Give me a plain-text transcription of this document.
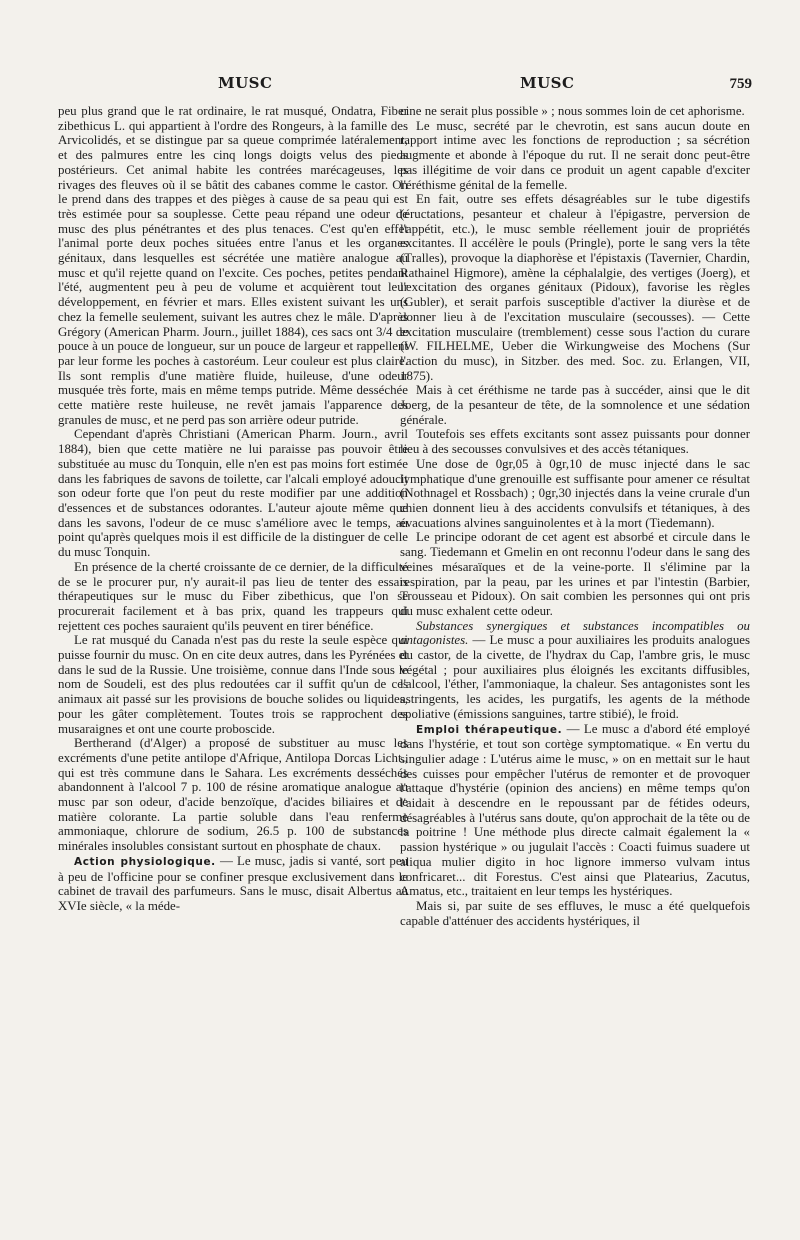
MUSC	MUSC	759

peu plus grand que le rat ordinaire, le rat musqué, Ondatra, Fiber zibethicus L. qui appartient à l'ordre des Rongeurs, à la famille des Arvicolidés, et se distingue par sa queue comprimée latéralement, et des palmures entre les cinq longs doigts velus des pieds postérieurs. Cet animal habite les contrées marécageuses, les rivages des fleuves où il se bâtit des cabanes comme le castor. On le prend dans des trappes et des pièges à cause de sa peau qui est très estimée pour sa souplesse. Cette peau répand une odeur de musc des plus pénétrantes et des plus tenaces. C'est qu'en effet l'animal porte deux poches situées entre l'anus et les organes génitaux, dans lesquelles est sécrétée une matière analogue au musc et qu'il rejette quand on l'excite. Ces poches, petites pendant l'été, augmentent peu à peu de volume et acquièrent tout leur développement, en février et mars. Elles existent suivant les uns chez la femelle seulement, suivant les autres chez le mâle. D'après Grégory (American Pharm. Journ., juillet 1884), ces sacs ont 3/4 de pouce à un pouce de longueur, sur un pouce de largeur et rappellent par leur forme les poches à castoréum. Leur couleur est plus claire. Ils sont remplis d'une matière fluide, huileuse, d'une odeur musquée très forte, mais en même temps putride. Même desséchée cette matière reste huileuse, ne revêt jamais l'apparence des granules de musc, et ne perd pas son arrière odeur putride.

Cependant d'après Christiani (American Pharm. Journ., avril 1884), bien que cette matière ne lui paraisse pas pouvoir être substituée au musc du Tonquin, elle n'en est pas moins fort estimée dans les fabriques de savons de toilette, car l'alcali employé adoucit son odeur forte que l'on peut du reste modifier par une addition d'essences et de substances odorantes. L'auteur ajoute même que dans les savons, l'odeur de ce musc s'améliore avec le temps, au point qu'après quelques mois il est difficile de la distinguer de celle du musc Tonquin.

En présence de la cherté croissante de ce dernier, de la difficulté de se le procurer pur, n'y aurait-il pas lieu de tenter des essais thérapeutiques sur le musc du Fiber zibethicus, que l'on se procurerait facilement et à bas prix, quand les trappeurs qui rejettent ces poches sauraient qu'ils peuvent en tirer bénéfice.

Le rat musqué du Canada n'est pas du reste la seule espèce qui puisse fournir du musc. On en cite deux autres, dans les Pyrénées et dans le sud de la Russie. Une troisième, connue dans l'Inde sous le nom de Soudeli, est des plus redoutées car il suffit qu'un de ces animaux ait passé sur les provisions de bouche solides ou liquides, pour les gâter complètement. Toutes trois se rapprochent des musaraignes et ont une courte proboscide.

Bertherand (d'Alger) a proposé de substituer au musc les excréments d'une petite antilope d'Afrique, Antilopa Dorcas Licht., qui est très commune dans le Sahara. Les excréments desséchés abandonnent à l'alcool 7 p. 100 de résine aromatique analogue au musc par son odeur, d'acide benzoïque, d'acides biliaires et de matière colorante. La partie soluble dans l'eau renferme ammoniaque, chlorure de sodium, 26.5 p. 100 de substances minérales insolubles consistant surtout en phosphate de chaux.

Action physiologique. — Le musc, jadis si vanté, sort peu à peu de l'officine pour se confiner presque exclusivement dans le cabinet de travail des parfumeurs. Sans le musc, disait Albertus au XVIe siècle, « la méde-

cine ne serait plus possible » ; nous sommes loin de cet aphorisme.

Le musc, secrété par le chevrotin, est sans aucun doute en rapport intime avec les fonctions de reproduction ; sa sécrétion augmente et abonde à l'époque du rut. Il ne serait donc peut-être pas illégitime de voir dans ce produit un agent capable d'exciter l'éréthisme génital de la femelle.

En fait, outre ses effets désagréables sur le tube digestifs (éructations, pesanteur et chaleur à l'épigastre, perversion de l'appétit, etc.), le musc semble réellement jouir de propriétés excitantes. Il accélère le pouls (Pringle), porte le sang vers la tête (Tralles), provoque la diaphorèse et l'épistaxis (Tavernier, Chardin, Rathainel Higmore), amène la céphalalgie, des vertiges (Joerg), et l'excitation des organes génitaux (Pidoux), favorise les règles (Gubler), et serait parfois susceptible d'activer la diurèse et de donner lieu à de l'excitation musculaire (secousses). — Cette excitation musculaire (tremblement) cesse sous l'action du curare (W. FILHELME, Ueber die Wirkungweise des Mochens (Sur l'action du musc), in Sitzber. des med. Soc. zu. Erlangen, VII, 1875).

Mais à cet éréthisme ne tarde pas à succéder, ainsi que le dit Joerg, de la pesanteur de tête, de la somnolence et une sédation générale.

Toutefois ses effets excitants sont assez puissants pour donner lieu à des secousses convulsives et des accès tétaniques.

Une dose de 0gr,05 à 0gr,10 de musc injecté dans le sac lymphatique d'une grenouille est suffisante pour amener ce résultat (Nothnagel et Rossbach) ; 0gr,30 injectés dans la veine crurale d'un chien donnent lieu à des accidents convulsifs et tétaniques, à des évacuations alvines sanguinolentes et à la mort (Tiedemann).

Le principe odorant de cet agent est absorbé et circule dans le sang. Tiedemann et Gmelin en ont reconnu l'odeur dans le sang des veines mésaraïques et de la veine-porte. Il s'élimine par la respiration, par la peau, par les urines et par l'intestin (Barbier, Trousseau et Pidoux). On sait combien les personnes qui ont pris du musc exhalent cette odeur.

Substances synergiques et substances incompatibles ou antagonistes. — Le musc a pour auxiliaires les produits analogues du castor, de la civette, de l'hydrax du Cap, l'ambre gris, le musc végétal ; pour auxiliaires plus éloignés les excitants diffusibles, l'alcool, l'éther, l'ammoniaque, la chaleur. Ses antagonistes sont les astringents, les acides, les purgatifs, les agents de la méthode spoliative (émissions sanguines, tartre stibié), le froid.

Emploi thérapeutique. — Le musc a d'abord été employé dans l'hystérie, et tout son cortège symptomatique. « En vertu du singulier adage : L'utérus aime le musc, » on en mettait sur le haut des cuisses pour empêcher l'utérus de remonter et de provoquer l'attaque d'hystérie (opinion des anciens) en même temps qu'on l'aidait à descendre en le repoussant par de fétides odeurs, désagréables à l'utérus sans doute, qu'on approchait de la tête ou de la poitrine ! Une méthode plus directe calmait également la « passion hystérique » ou jugulait l'accès : Coacti fuimus suadere ut aliqua mulier digito in hoc lignore immerso vulvam intus confricaret... dit Forestus. C'est ainsi que Platearius, Zacutus, Amatus, etc., traitaient en leur temps les hystériques.

Mais si, par suite de ses effluves, le musc a été quelquefois capable d'atténuer des accidents hystériques, il
